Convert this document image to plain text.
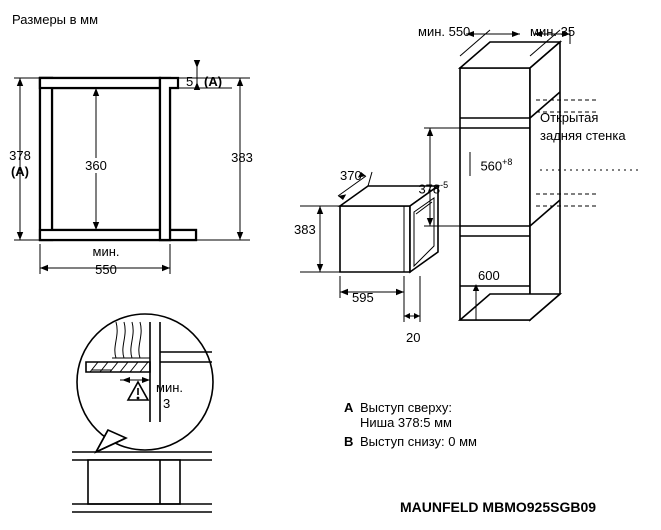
Размеры в мм
378
(A)	360
383
5 (A)
мин.
550
мин.
3
370
383
595
20
мин. 550	мин. 35

$378^{-5}$

$560^{+8}$

600
Открытая
задняя стенка
A Выступ сверху:
Ниша 378:5 мм
B Выступ снизу: 0 мм
MAUNFELD MBMO925SGB09
